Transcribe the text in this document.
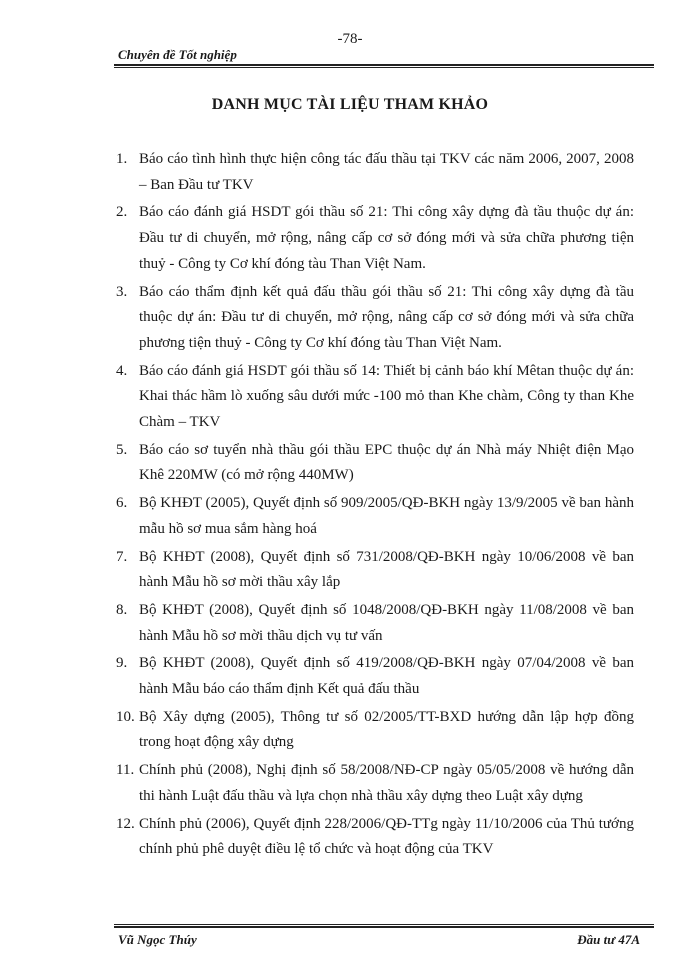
-78-
Chuyên đề Tốt nghiệp
DANH MỤC TÀI LIỆU THAM KHẢO
1. Báo cáo tình hình thực hiện công tác đấu thầu tại TKV các năm 2006, 2007, 2008 – Ban Đầu tư TKV
2. Báo cáo đánh giá HSDT gói thầu số 21: Thi công xây dựng đà tầu thuộc dự án: Đầu tư di chuyển, mở rộng, nâng cấp cơ sở đóng mới và sửa chữa phương tiện thuỷ - Công ty Cơ khí đóng tàu Than Việt Nam.
3. Báo cáo thẩm định kết quả đấu thầu gói thầu số 21: Thi công xây dựng đà tầu thuộc dự án: Đầu tư di chuyển, mở rộng, nâng cấp cơ sở đóng mới và sửa chữa phương tiện thuỷ - Công ty Cơ khí đóng tàu Than Việt Nam.
4. Báo cáo đánh giá HSDT gói thầu số 14: Thiết bị cảnh báo khí Mêtan thuộc dự án: Khai thác hầm lò xuống sâu dưới mức -100 mỏ than Khe chàm, Công ty than Khe Chàm – TKV
5. Báo cáo sơ tuyển nhà thầu gói thầu EPC thuộc dự án Nhà máy Nhiệt điện Mạo Khê 220MW (có mở rộng 440MW)
6. Bộ KHĐT (2005), Quyết định số 909/2005/QĐ-BKH ngày 13/9/2005 về ban hành mẫu hồ sơ mua sắm hàng hoá
7. Bộ KHĐT (2008), Quyết định số 731/2008/QĐ-BKH ngày 10/06/2008 về ban hành Mẫu hồ sơ mời thầu xây lắp
8. Bộ KHĐT (2008), Quyết định số 1048/2008/QĐ-BKH ngày 11/08/2008 về ban hành Mẫu hồ sơ mời thầu dịch vụ tư vấn
9. Bộ KHĐT (2008), Quyết định số 419/2008/QĐ-BKH ngày 07/04/2008 về ban hành Mẫu báo cáo thẩm định Kết quả đấu thầu
10. Bộ Xây dựng (2005), Thông tư số 02/2005/TT-BXD hướng dẫn lập hợp đồng trong hoạt động xây dựng
11. Chính phủ (2008), Nghị định số 58/2008/NĐ-CP ngày 05/05/2008 về hướng dẫn thi hành Luật đấu thầu và lựa chọn nhà thầu xây dựng theo Luật xây dựng
12. Chính phủ (2006), Quyết định 228/2006/QĐ-TTg ngày 11/10/2006 của Thủ tướng chính phủ phê duyệt điều lệ tổ chức và hoạt động của TKV
Vũ Ngọc Thúy	Đầu tư 47A
